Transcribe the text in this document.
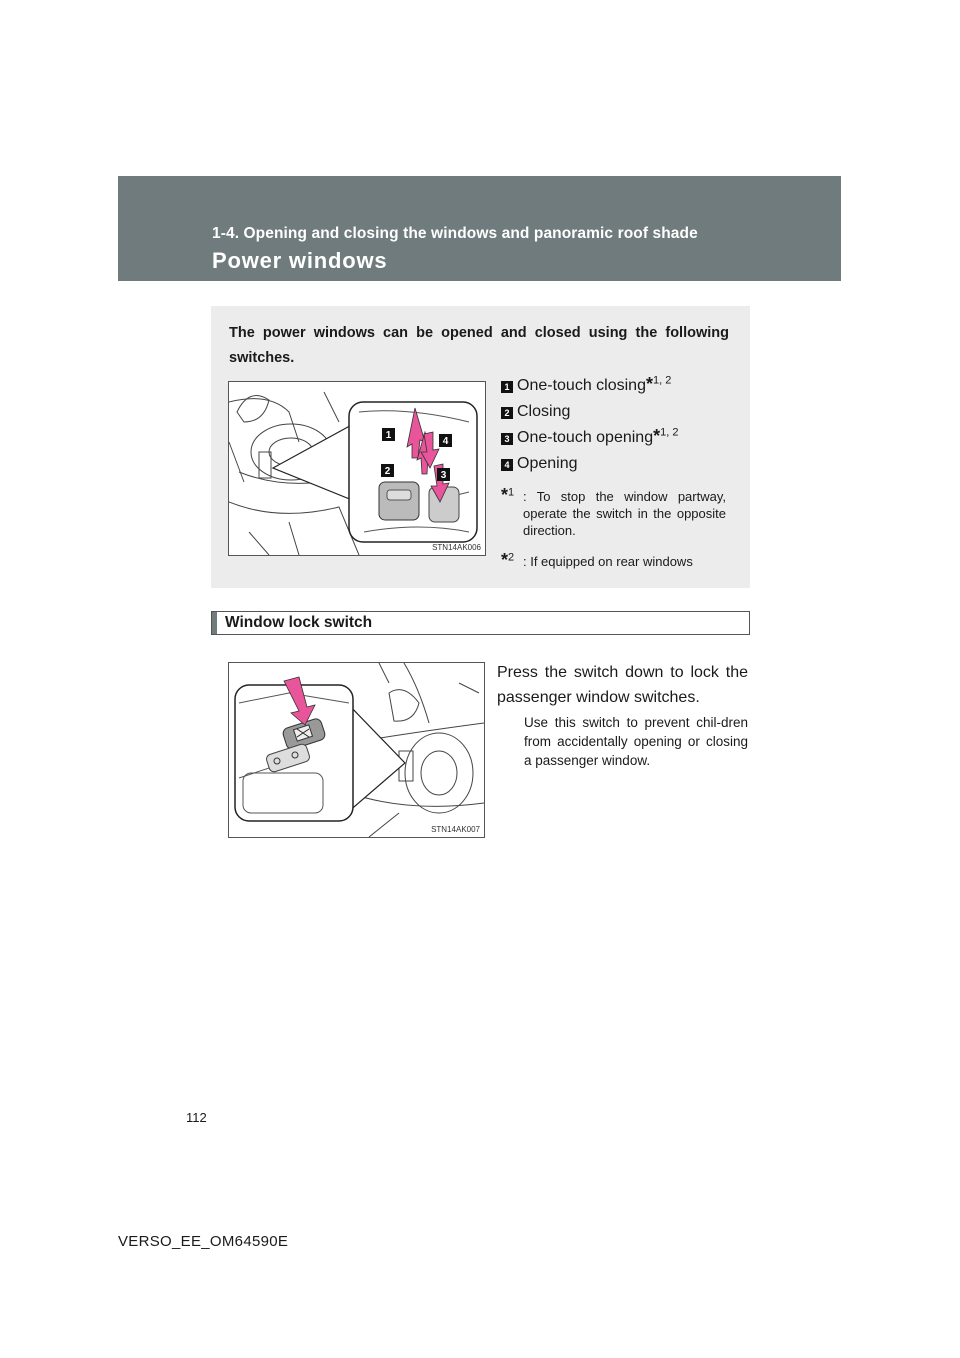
1-4. Opening and closing the windows and panoramic roof shade
Power windows
The power windows can be opened and closed using the following switches.
1
4
2	3
STN14AK006
1 One-touch closing*$^{1, 2}$
2 Closing
3 One-touch opening*$^{1, 2}$
4 Opening
*$^1$ : To stop the window partway, operate the switch in the opposite direction.
*$^2$ : If equipped on rear windows
Window lock switch
STN14AK007
Press the switch down to lock the passenger window switches.
Use this switch to prevent chil-dren from accidentally opening or closing a passenger window.
112
VERSO_EE_OM64590E
